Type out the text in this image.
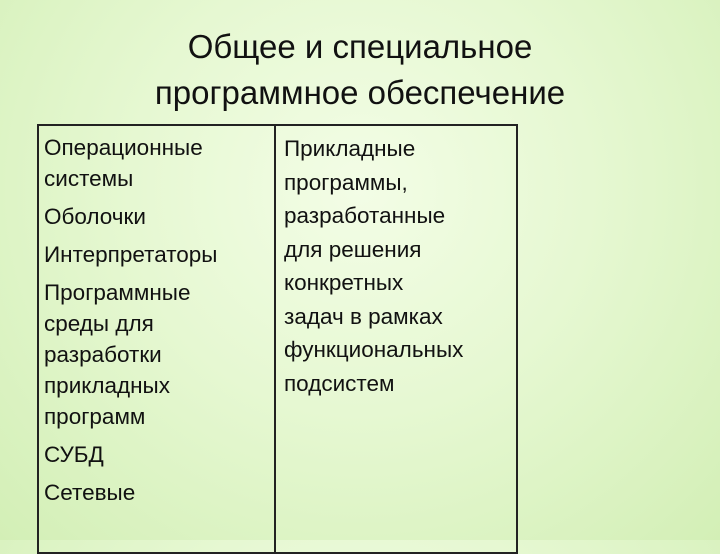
Общее и специальное
программное обеспечение
Операционные
системы
Оболочки
Интерпретаторы
Программные
среды для
разработки
прикладных
программ
СУБД
Сетевые
Прикладные
программы,
разработанные
для решения
конкретных
задач в рамках
функциональных
подсистем
